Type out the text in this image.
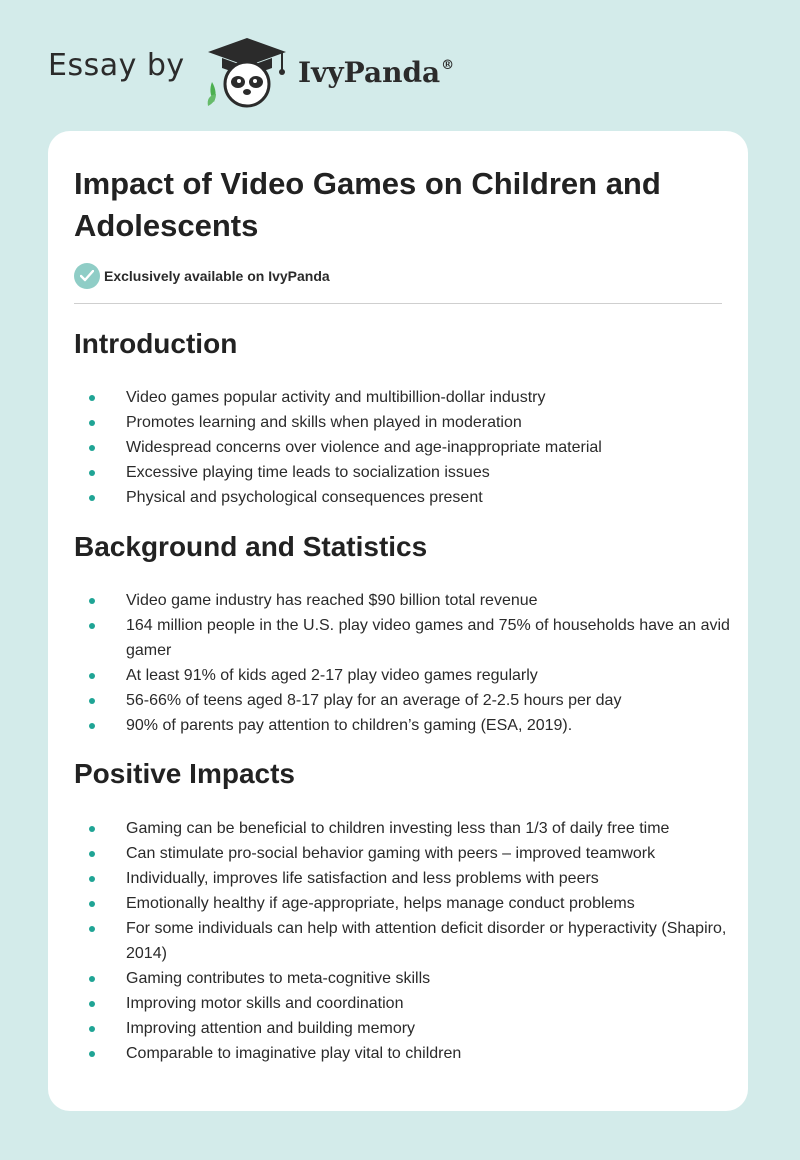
Essay by	IvyPanda®
Impact of Video Games on Children and Adolescents
Exclusively available on IvyPanda
Introduction
Video games popular activity and multibillion-dollar industry
Promotes learning and skills when played in moderation
Widespread concerns over violence and age-inappropriate material
Excessive playing time leads to socialization issues
Physical and psychological consequences present
Background and Statistics
Video game industry has reached $90 billion total revenue
164 million people in the U.S. play video games and 75% of households have an avid gamer
At least 91% of kids aged 2-17 play video games regularly
56-66% of teens aged 8-17 play for an average of 2-2.5 hours per day
90% of parents pay attention to children’s gaming (ESA, 2019).
Positive Impacts
Gaming can be beneficial to children investing less than 1/3 of daily free time
Can stimulate pro-social behavior gaming with peers – improved teamwork
Individually, improves life satisfaction and less problems with peers
Emotionally healthy if age-appropriate, helps manage conduct problems
For some individuals can help with attention deficit disorder or hyperactivity (Shapiro, 2014)
Gaming contributes to meta-cognitive skills
Improving motor skills and coordination
Improving attention and building memory
Comparable to imaginative play vital to children
